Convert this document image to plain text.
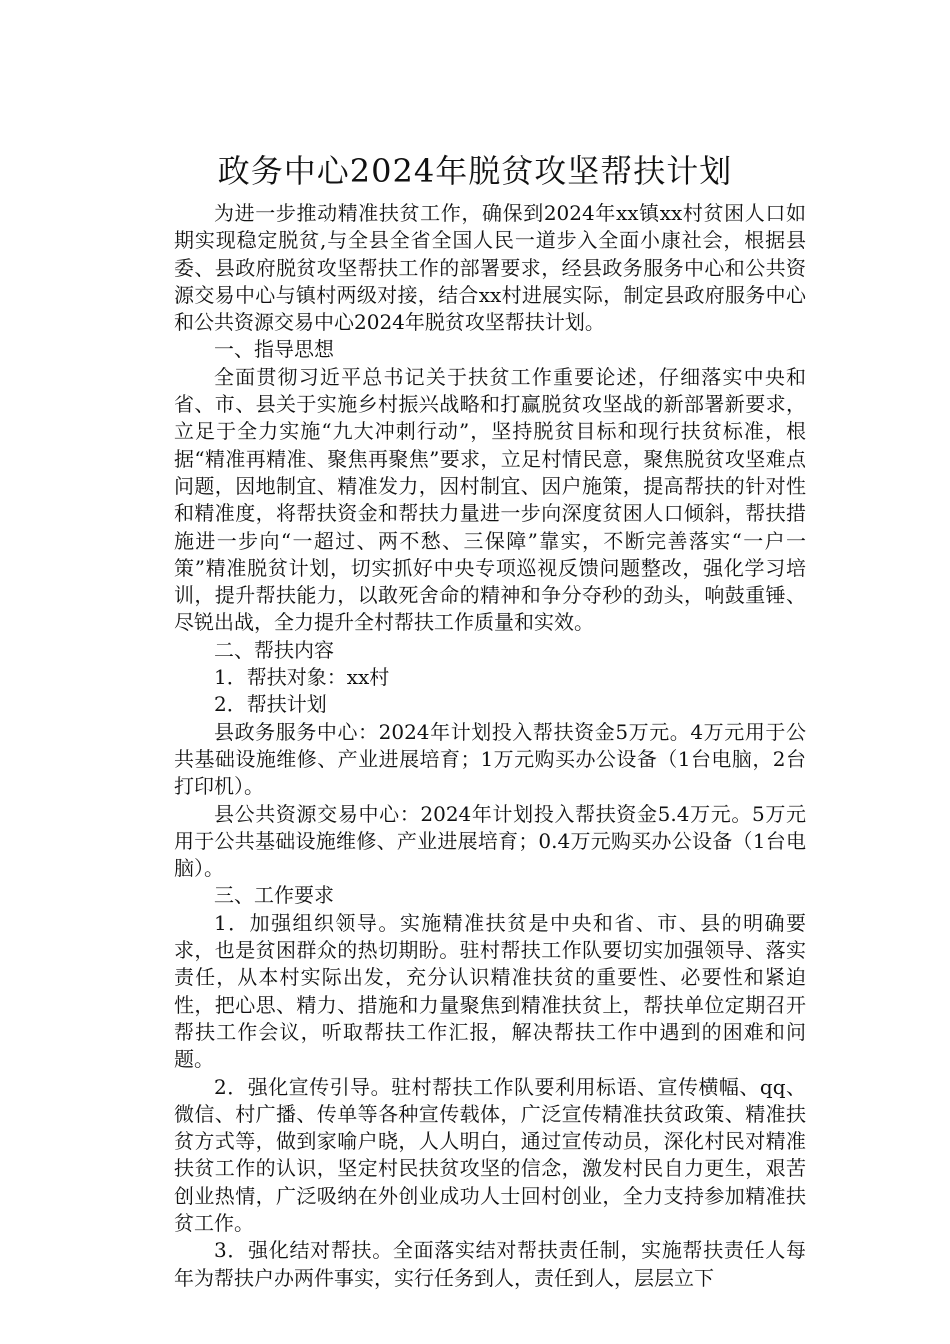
政务中心2024年脱贫攻坚帮扶计划

为进一步推动精准扶贫工作，确保到2024年xx镇xx村贫困人口如期实现稳定脱贫,与全县全省全国人民一道步入全面小康社会，根据县委、县政府脱贫攻坚帮扶工作的部署要求，经县政务服务中心和公共资源交易中心与镇村两级对接，结合xx村进展实际，制定县政府服务中心和公共资源交易中心2024年脱贫攻坚帮扶计划。

一、指导思想

全面贯彻习近平总书记关于扶贫工作重要论述，仔细落实中央和省、市、县关于实施乡村振兴战略和打赢脱贫攻坚战的新部署新要求，立足于全力实施“九大冲刺行动”，坚持脱贫目标和现行扶贫标准，根据“精准再精准、聚焦再聚焦”要求，立足村情民意，聚焦脱贫攻坚难点问题，因地制宜、精准发力，因村制宜、因户施策，提高帮扶的针对性和精准度，将帮扶资金和帮扶力量进一步向深度贫困人口倾斜，帮扶措施进一步向“一超过、两不愁、三保障”靠实，不断完善落实“一户一策”精准脱贫计划，切实抓好中央专项巡视反馈问题整改，强化学习培训，提升帮扶能力，以敢死舍命的精神和争分夺秒的劲头，响鼓重锤、尽锐出战，全力提升全村帮扶工作质量和实效。

二、帮扶内容

1．帮扶对象：xx村

2．帮扶计划

县政务服务中心：2024年计划投入帮扶资金5万元。4万元用于公共基础设施维修、产业进展培育；1万元购买办公设备（1台电脑，2台打印机）。

县公共资源交易中心：2024年计划投入帮扶资金5.4万元。5万元用于公共基础设施维修、产业进展培育；0.4万元购买办公设备（1台电脑）。

三、工作要求

1．加强组织领导。实施精准扶贫是中央和省、市、县的明确要求，也是贫困群众的热切期盼。驻村帮扶工作队要切实加强领导、落实责任，从本村实际出发，充分认识精准扶贫的重要性、必要性和紧迫性，把心思、精力、措施和力量聚焦到精准扶贫上，帮扶单位定期召开帮扶工作会议，听取帮扶工作汇报，解决帮扶工作中遇到的困难和问题。

2．强化宣传引导。驻村帮扶工作队要利用标语、宣传横幅、qq、微信、村广播、传单等各种宣传载体，广泛宣传精准扶贫政策、精准扶贫方式等，做到家喻户晓，人人明白，通过宣传动员，深化村民对精准扶贫工作的认识，坚定村民扶贫攻坚的信念，激发村民自力更生，艰苦创业热情，广泛吸纳在外创业成功人士回村创业，全力支持参加精准扶贫工作。

3．强化结对帮扶。全面落实结对帮扶责任制，实施帮扶责任人每年为帮扶户办两件事实，实行任务到人，责任到人，层层立下
